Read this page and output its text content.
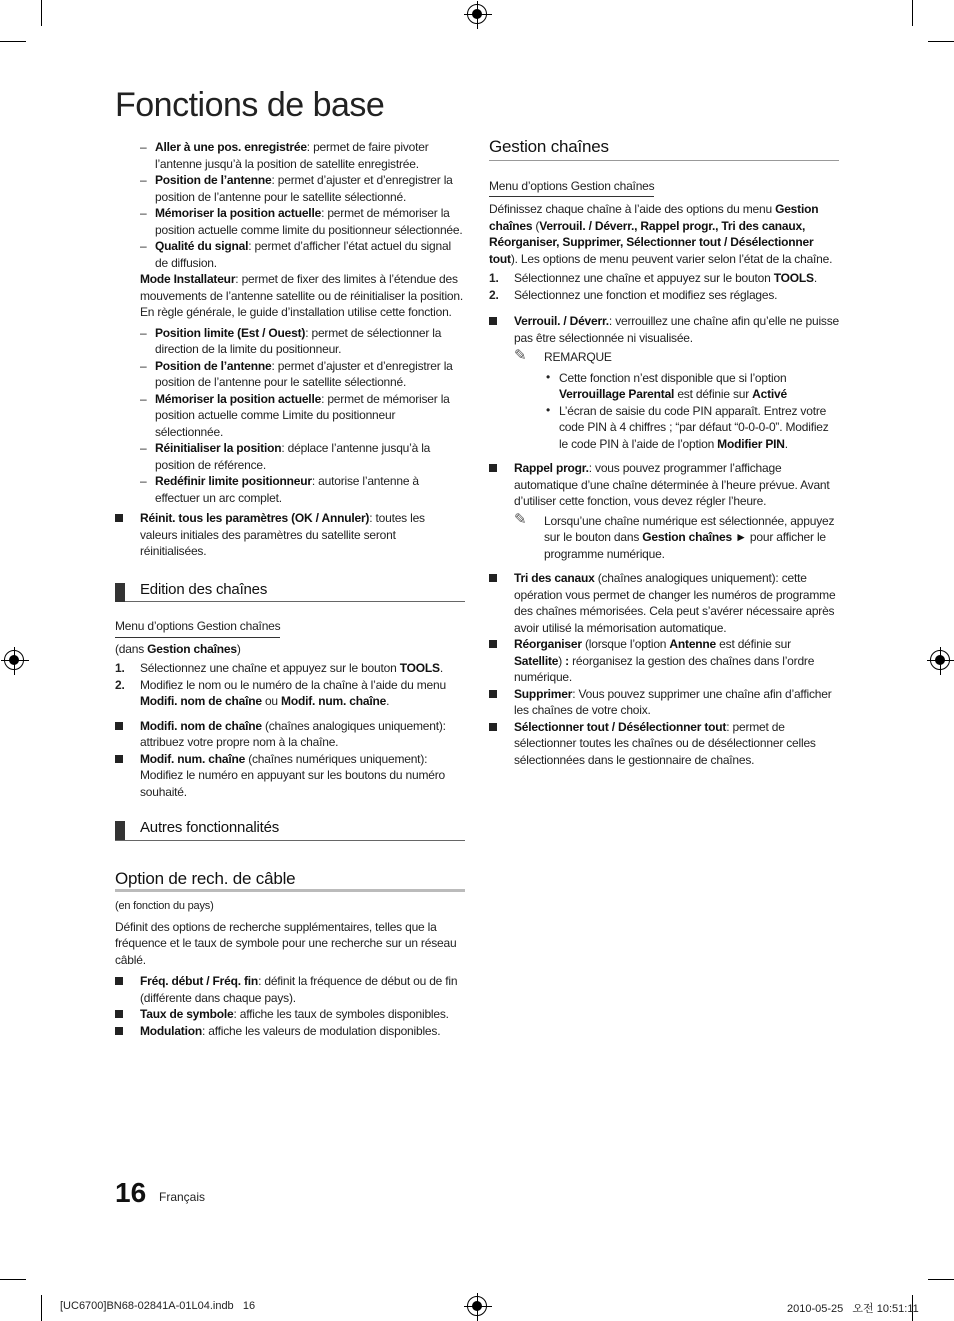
Fonctions de base

– Aller à une pos. enregistrée: permet de faire pivoter l’antenne jusqu’à la position de satellite enregistrée.

– Position de l’antenne: permet d’ajuster et d’enregistrer la position de l’antenne pour le satellite sélectionné.

– Mémoriser la position actuelle: permet de mémoriser la position actuelle comme limite du positionneur sélectionnée.

– Qualité du signal: permet d’afficher l’état actuel du signal de diffusion.

Mode Installateur: permet de fixer des limites à l’étendue des mouvements de l’antenne satellite ou de réinitialiser la position. En règle générale, le guide d’installation utilise cette fonction.

– Position limite (Est / Ouest): permet de sélectionner la direction de la limite du positionneur.

– Position de l’antenne: permet d’ajuster et d’enregistrer la position de l’antenne pour le satellite sélectionné.

– Mémoriser la position actuelle: permet de mémoriser la position actuelle comme Limite du positionneur sélectionnée.

– Réinitialiser la position: déplace l’antenne jusqu’à la position de référence.

– Redéfinir limite positionneur: autorise l’antenne à effectuer un arc complet.

Réinit. tous les paramètres (OK / Annuler): toutes les valeurs initiales des paramètres du satellite seront réinitialisées.

Edition des chaînes

Menu d’options Gestion chaînes

(dans Gestion chaînes)

1. Sélectionnez une chaîne et appuyez sur le bouton TOOLS.

2. Modifiez le nom ou le numéro de la chaîne à l’aide du menu Modifi. nom de chaîne ou Modif. num. chaîne.

Modifi. nom de chaîne (chaînes analogiques uniquement): attribuez votre propre nom à la chaîne.

Modif. num. chaîne (chaînes numériques uniquement): Modifiez le numéro en appuyant sur les boutons du numéro souhaité.

Autres fonctionnalités

Option de rech. de câble

(en fonction du pays)

Définit des options de recherche supplémentaires, telles que la fréquence et le taux de symbole pour une recherche sur un réseau câblé.

Fréq. début / Fréq. fin: définit la fréquence de début ou de fin (différente dans chaque pays).

Taux de symbole: affiche les taux de symboles disponibles.

Modulation: affiche les valeurs de modulation disponibles.

Gestion chaînes

Menu d’options Gestion chaînes

Définissez chaque chaîne à l’aide des options du menu Gestion chaînes (Verrouil. / Déverr., Rappel progr., Tri des canaux, Réorganiser, Supprimer, Sélectionner tout / Désélectionner tout). Les options de menu peuvent varier selon l’état de la chaîne.

1. Sélectionnez une chaîne et appuyez sur le bouton TOOLS.

2. Sélectionnez une fonction et modifiez ses réglages.

Verrouil. / Déverr.: verrouillez une chaîne afin qu’elle ne puisse pas être sélectionnée ni visualisée.

✎ REMARQUE

• Cette fonction n’est disponible que si l’option Verrouillage Parental est définie sur Activé

• L’écran de saisie du code PIN apparaît. Entrez votre code PIN à 4 chiffres ; “par défaut “0-0-0-0”. Modifiez le code PIN à l’aide de l’option Modifier PIN.

Rappel progr.: vous pouvez programmer l’affichage automatique d’une chaîne déterminée à l’heure prévue. Avant d’utiliser cette fonction, vous devez régler l’heure.

✎ Lorsqu’une chaîne numérique est sélectionnée, appuyez sur le bouton dans Gestion chaînes ► pour afficher le programme numérique.

Tri des canaux (chaînes analogiques uniquement): cette opération vous permet de changer les numéros de programme des chaînes mémorisées. Cela peut s’avérer nécessaire après avoir utilisé la mémorisation automatique.

Réorganiser (lorsque l’option Antenne est définie sur Satellite) : réorganisez la gestion des chaînes dans l’ordre numérique.

Supprimer: Vous pouvez supprimer une chaîne afin d’afficher les chaînes de votre choix.

Sélectionner tout / Désélectionner tout: permet de sélectionner toutes les chaînes ou de désélectionner celles sélectionnées dans le gestionnaire de chaînes.

16 Français
[UC6700]BN68-02841A-01L04.indb   16	2010-05-25   오전 10:51:11
